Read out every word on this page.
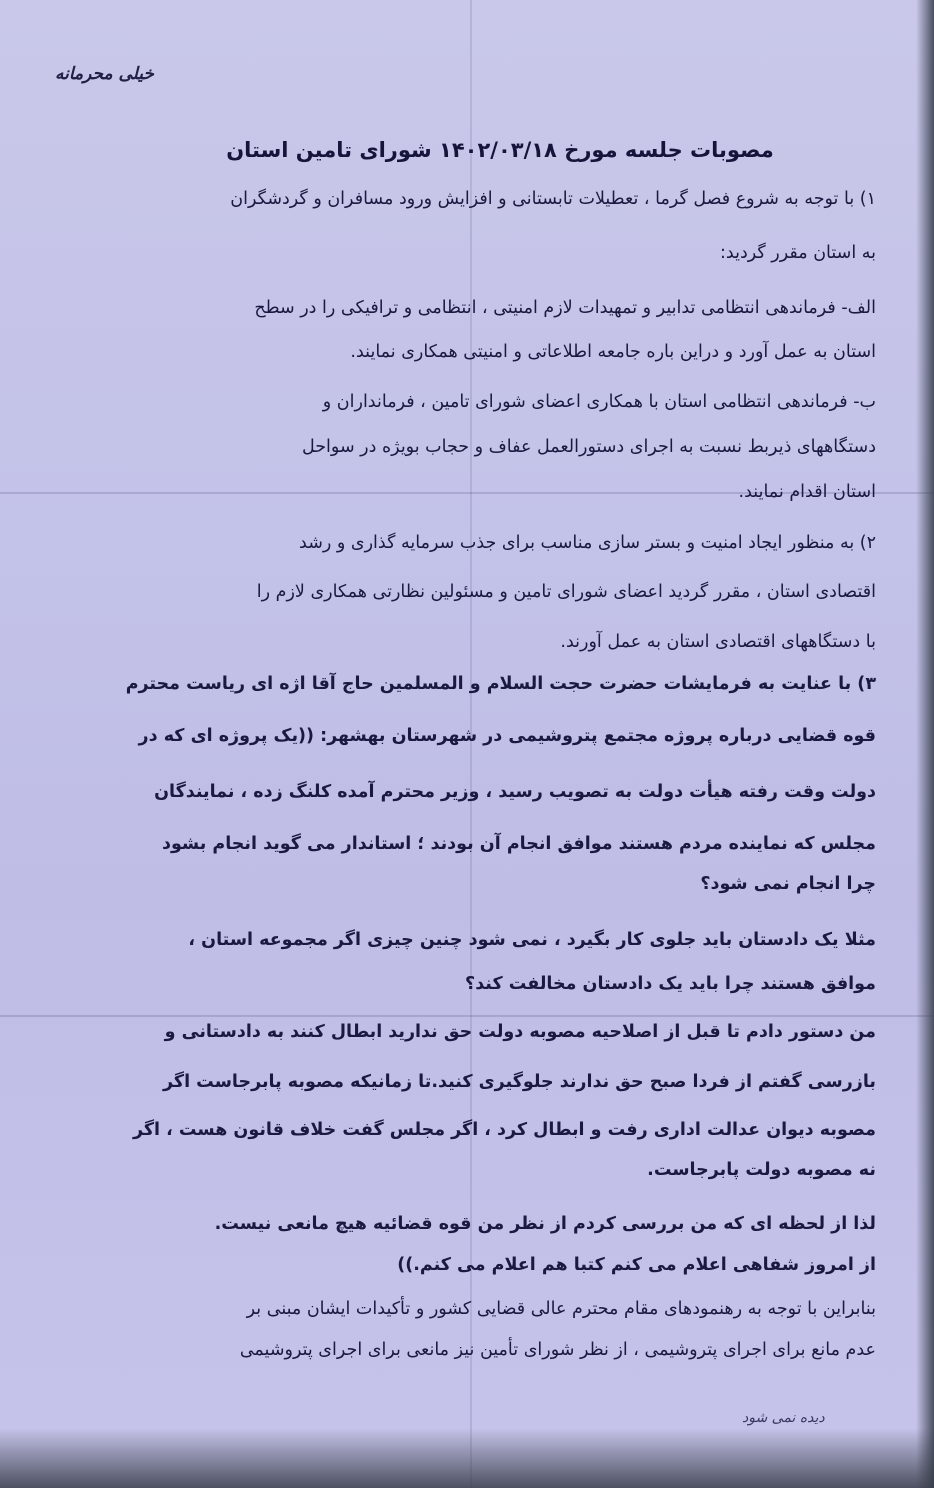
خیلی محرمانه
مصوبات جلسه مورخ ۱۴۰۲/۰۳/۱۸ شورای تامین استان
۱) با توجه به شروع فصل گرما ، تعطیلات تابستانی و افزایش ورود مسافران و گردشگران
به استان مقرر گردید:
الف- فرماندهی انتظامی تدابیر و تمهیدات لازم امنیتی ، انتظامی و ترافیکی را در سطح
استان به عمل آورد و دراین باره جامعه اطلاعاتی و امنیتی همکاری نمایند.
ب- فرماندهی انتظامی استان با همکاری اعضای شورای تامین ، فرمانداران و
دستگاههای ذیربط نسبت به اجرای دستورالعمل عفاف و حجاب بویژه در سواحل
استان اقدام نمایند.
۲) به منظور ایجاد امنیت و بستر سازی مناسب برای جذب سرمایه گذاری و رشد
اقتصادی استان ، مقرر گردید اعضای شورای تامین و مسئولین نظارتی همکاری لازم را
با دستگاههای اقتصادی استان به عمل آورند.
۳) با عنایت به فرمایشات حضرت حجت السلام و المسلمین حاج آقا اژه ای ریاست محترم
قوه قضایی درباره پروژه مجتمع پتروشیمی در شهرستان بهشهر: ((یک پروژه ای که در
دولت وقت رفته هیأت دولت به تصویب رسید ، وزیر محترم آمده کلنگ زده ، نمایندگان
مجلس که نماینده مردم هستند موافق انجام آن بودند ؛ استاندار می گوید انجام بشود
چرا انجام نمی شود؟
مثلا یک دادستان باید جلوی کار بگیرد ، نمی شود چنین چیزی اگر مجموعه استان ،
موافق هستند چرا باید یک دادستان مخالفت کند؟
من دستور دادم تا قبل از اصلاحیه مصوبه دولت حق ندارید ابطال کنند به دادستانی و
بازرسی گفتم از فردا صبح حق ندارند جلوگیری کنید.تا زمانیکه مصوبه پابرجاست اگر
مصوبه دیوان عدالت اداری رفت و ابطال کرد ، اگر مجلس گفت خلاف قانون هست ، اگر
نه مصوبه دولت پابرجاست.
لذا از لحظه ای که من بررسی کردم از نظر من قوه قضائیه هیچ مانعی نیست.
از امروز شفاهی اعلام می کنم کتبا هم اعلام می کنم.))
بنابراین با توجه به رهنمودهای مقام محترم عالی قضایی کشور و تأکیدات ایشان مبنی بر
عدم مانع برای اجرای پتروشیمی ، از نظر شورای تأمین نیز مانعی برای اجرای پتروشیمی
دیده نمی شود
